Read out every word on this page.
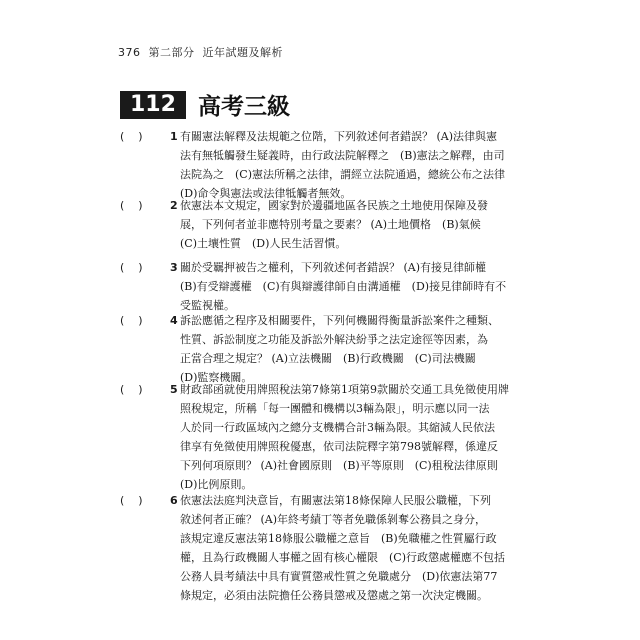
376 第二部分 近年試題及解析
112 高考三級
(    )	1 有關憲法解釋及法規範之位階，下列敘述何者錯誤？ (A)法律與憲
法有無牴觸發生疑義時，由行政法院解釋之　(B)憲法之解釋，由司
法院為之　(C)憲法所稱之法律，謂經立法院通過，總統公布之法律
(D)命令與憲法或法律牴觸者無效。
(    )	2 依憲法本文規定，國家對於邊疆地區各民族之土地使用保障及發
展，下列何者並非應特別考量之要素？ (A)土地價格　(B)氣候
(C)土壤性質　(D)人民生活習慣。
(    )	3 關於受羈押被告之權利，下列敘述何者錯誤？ (A)有接見律師權
(B)有受辯護權　(C)有與辯護律師自由溝通權　(D)接見律師時有不
受監視權。
(    )	4 訴訟應循之程序及相關要件，下列何機關得衡量訴訟案件之種類、
性質、訴訟制度之功能及訴訟外解決紛爭之法定途徑等因素，為
正當合理之規定？ (A)立法機關　(B)行政機關　(C)司法機關
(D)監察機關。
(    )	5 財政部函就使用牌照稅法第7條第1項第9款關於交通工具免徵使用牌
照稅規定，所稱「每一團體和機構以3輛為限」，明示應以同一法
人於同一行政區域內之總分支機構合計3輛為限。其縮減人民依法
律享有免徵使用牌照稅優惠，依司法院釋字第798號解釋，係違反
下列何項原則？ (A)社會國原則　(B)平等原則　(C)租稅法律原則
(D)比例原則。
(    )	6 依憲法法庭判決意旨，有關憲法第18條保障人民服公職權，下列
敘述何者正確？ (A)年終考績丁等者免職係剝奪公務員之身分，
該規定違反憲法第18條服公職權之意旨　(B)免職權之性質屬行政
權，且為行政機關人事權之固有核心權限　(C)行政懲處權應不包括
公務人員考績法中具有實質懲戒性質之免職處分　(D)依憲法第77
條規定，必須由法院擔任公務員懲戒及懲處之第一次決定機關。
